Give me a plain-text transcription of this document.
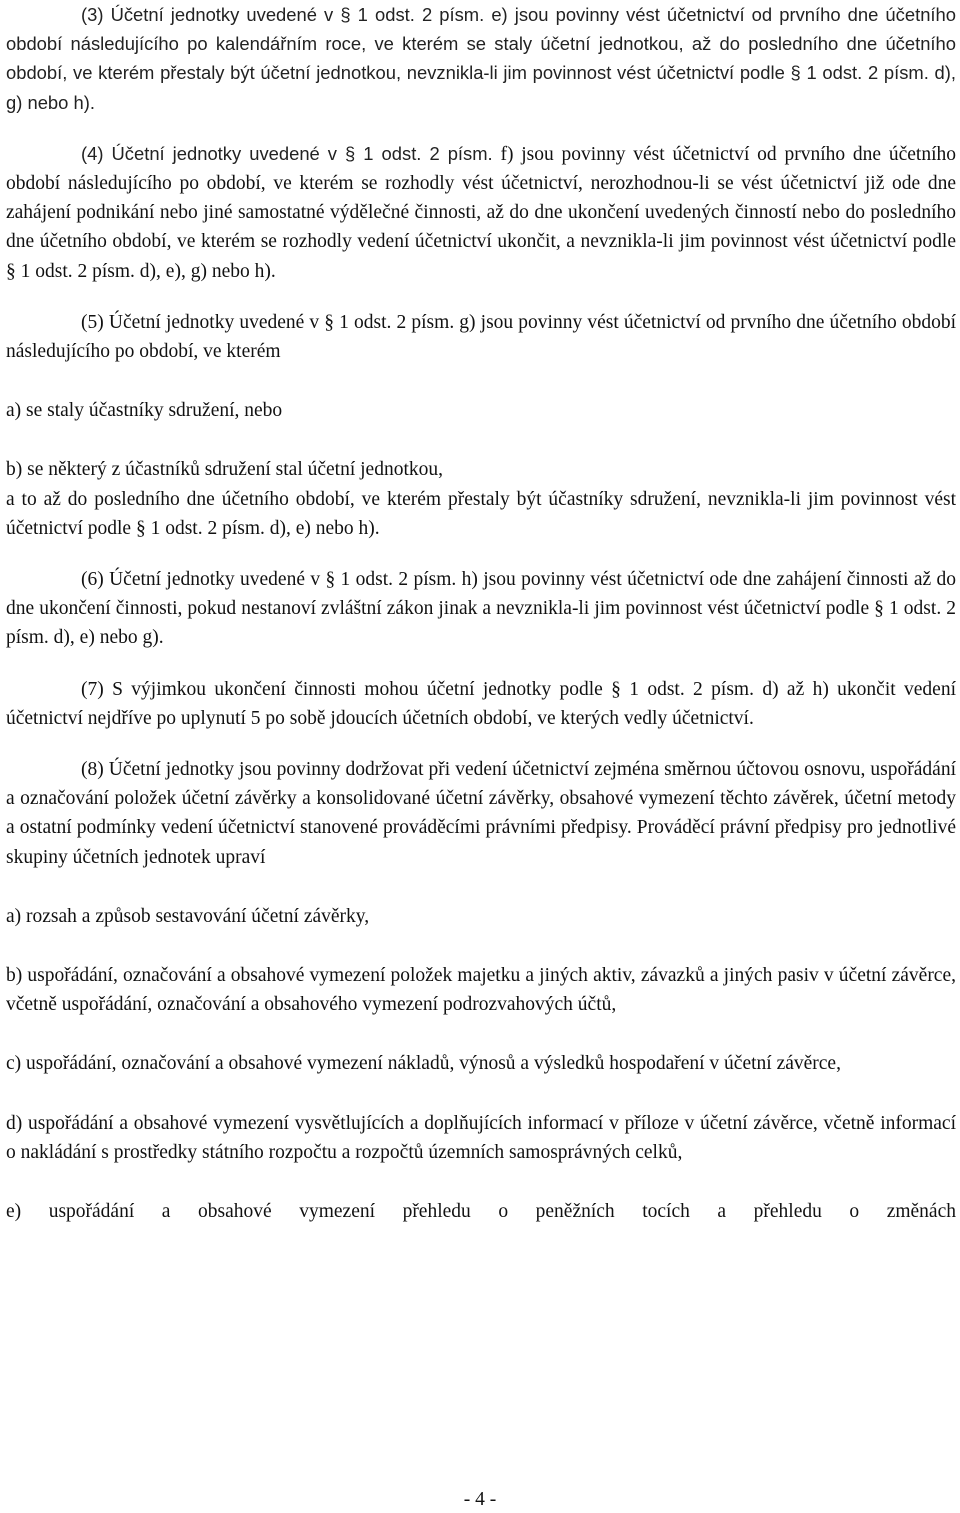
(3) Účetní jednotky uvedené v § 1 odst. 2 písm. e) jsou povinny vést účetnictví od prvního dne účetního období následujícího po kalendářním roce, ve kterém se staly účetní jednotkou, až do posledního dne účetního období, ve kterém přestaly být účetní jednotkou, nevznikla-li jim povinnost vést účetnictví podle § 1 odst. 2 písm. d), g) nebo h).

(4) Účetní jednotky uvedené v § 1 odst. 2 písm. f) jsou povinny vést účetnictví od prvního dne účetního období následujícího po období, ve kterém se rozhodly vést účetnictví, nerozhodnou-li se vést účetnictví již ode dne zahájení podnikání nebo jiné samostatné výdělečné činnosti, až do dne ukončení uvedených činností nebo do posledního dne účetního období, ve kterém se rozhodly vedení účetnictví ukončit, a nevznikla-li jim povinnost vést účetnictví podle § 1 odst. 2 písm. d), e), g) nebo h).

(5) Účetní jednotky uvedené v § 1 odst. 2 písm. g) jsou povinny vést účetnictví od prvního dne účetního období následujícího po období, ve kterém

a) se staly účastníky sdružení, nebo

b) se některý z účastníků sdružení stal účetní jednotkou,

a to až do posledního dne účetního období, ve kterém přestaly být účastníky sdružení, nevznikla-li jim povinnost vést účetnictví podle § 1 odst. 2 písm. d), e) nebo h).

(6) Účetní jednotky uvedené v § 1 odst. 2 písm. h) jsou povinny vést účetnictví ode dne zahájení činnosti až do dne ukončení činnosti, pokud nestanoví zvláštní zákon jinak a nevznikla-li jim povinnost vést účetnictví podle § 1 odst. 2 písm. d), e) nebo g).

(7) S výjimkou ukončení činnosti mohou účetní jednotky podle § 1 odst. 2 písm. d) až h) ukončit vedení účetnictví nejdříve po uplynutí 5 po sobě jdoucích účetních období, ve kterých vedly účetnictví.

(8) Účetní jednotky jsou povinny dodržovat při vedení účetnictví zejména směrnou účtovou osnovu, uspořádání a označování položek účetní závěrky a konsolidované účetní závěrky, obsahové vymezení těchto závěrek, účetní metody a ostatní podmínky vedení účetnictví stanovené prováděcími právními předpisy. Prováděcí právní předpisy pro jednotlivé skupiny účetních jednotek upraví

a) rozsah a způsob sestavování účetní závěrky,

b) uspořádání, označování a obsahové vymezení položek majetku a jiných aktiv, závazků a jiných pasiv v účetní závěrce, včetně uspořádání, označování a obsahového vymezení podrozvahových účtů,

c) uspořádání, označování a obsahové vymezení nákladů, výnosů a výsledků hospodaření v účetní závěrce,

d) uspořádání a obsahové vymezení vysvětlujících a doplňujících informací v příloze v účetní závěrce, včetně informací o nakládání s prostředky státního rozpočtu a rozpočtů územních samosprávných celků,

e) uspořádání a obsahové vymezení přehledu o peněžních tocích a přehledu o změnách

- 4 -
